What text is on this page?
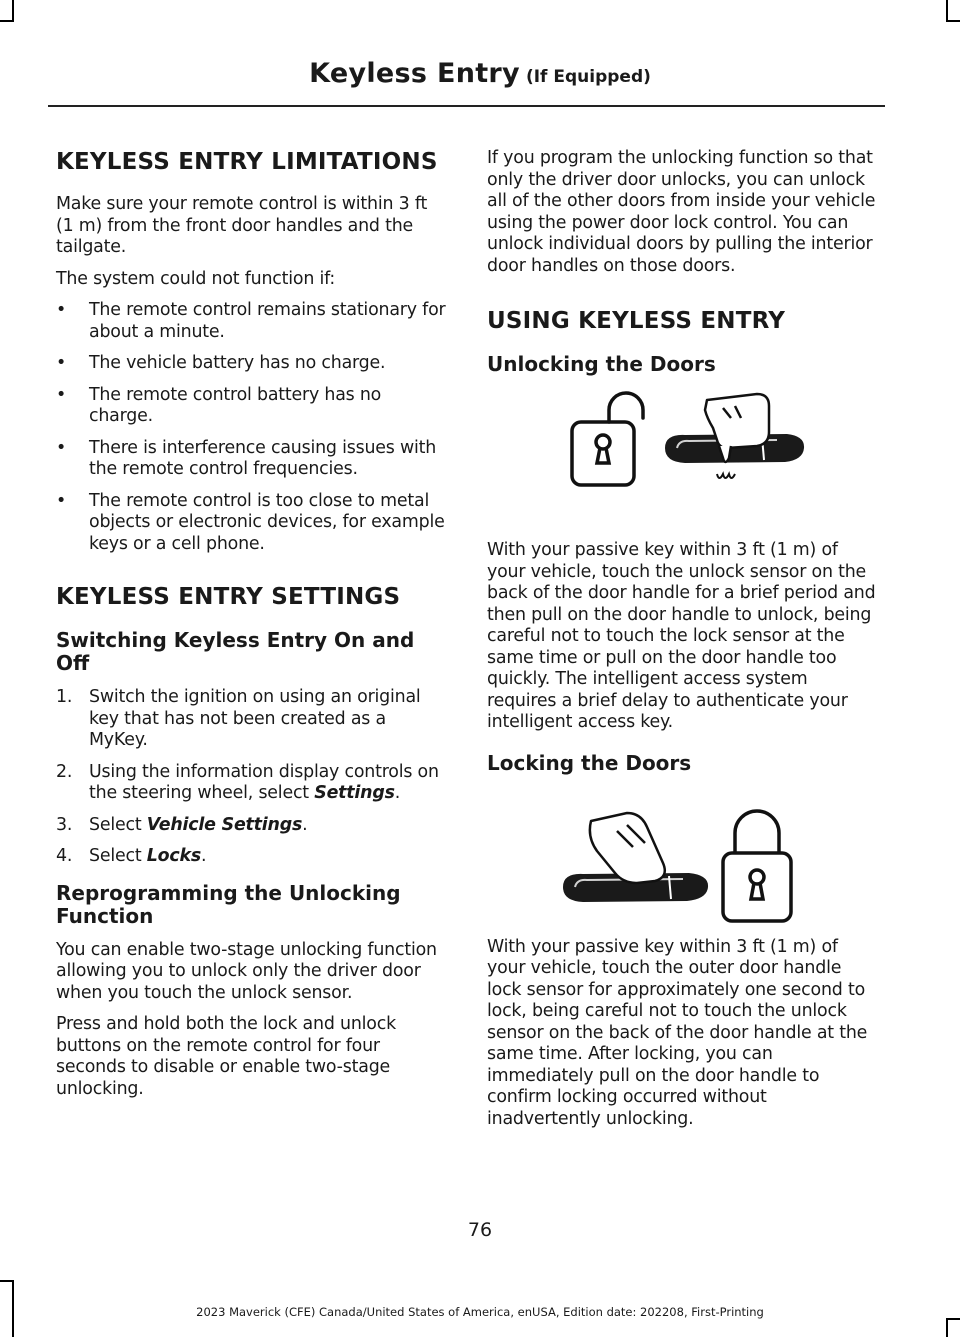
Keyless Entry (If Equipped)
KEYLESS ENTRY LIMITATIONS

Make sure your remote control is within 3 ft (1 m) from the front door handles and the tailgate.

The system could not function if:

• The remote control remains stationary for about a minute.
• The vehicle battery has no charge.
• The remote control battery has no charge.
• There is interference causing issues with the remote control frequencies.
• The remote control is too close to metal objects or electronic devices, for example keys or a cell phone.
KEYLESS ENTRY SETTINGS
Switching Keyless Entry On and Off
1. Switch the ignition on using an original key that has not been created as a MyKey.
2. Using the information display controls on the steering wheel, select Settings.
3. Select Vehicle Settings.
4. Select Locks.
Reprogramming the Unlocking Function

You can enable two-stage unlocking function allowing you to unlock only the driver door when you touch the unlock sensor.

Press and hold both the lock and unlock buttons on the remote control for four seconds to disable or enable two-stage unlocking.

If you program the unlocking function so that only the driver door unlocks, you can unlock all of the other doors from inside your vehicle using the power door lock control. You can unlock individual doors by pulling the interior door handles on those doors.

USING KEYLESS ENTRY
Unlocking the Doors

With your passive key within 3 ft (1 m) of your vehicle, touch the unlock sensor on the back of the door handle for a brief period and then pull on the door handle to unlock, being careful not to touch the lock sensor at the same time or pull on the door handle too quickly. The intelligent access system requires a brief delay to authenticate your intelligent access key.

Locking the Doors

With your passive key within 3 ft (1 m) of your vehicle, touch the outer door handle lock sensor for approximately one second to lock, being careful not to touch the unlock sensor on the back of the door handle at the same time. After locking, you can immediately pull on the door handle to confirm locking occurred without inadvertently unlocking.

76
2023 Maverick (CFE) Canada/United States of America, enUSA, Edition date: 202208, First-Printing
